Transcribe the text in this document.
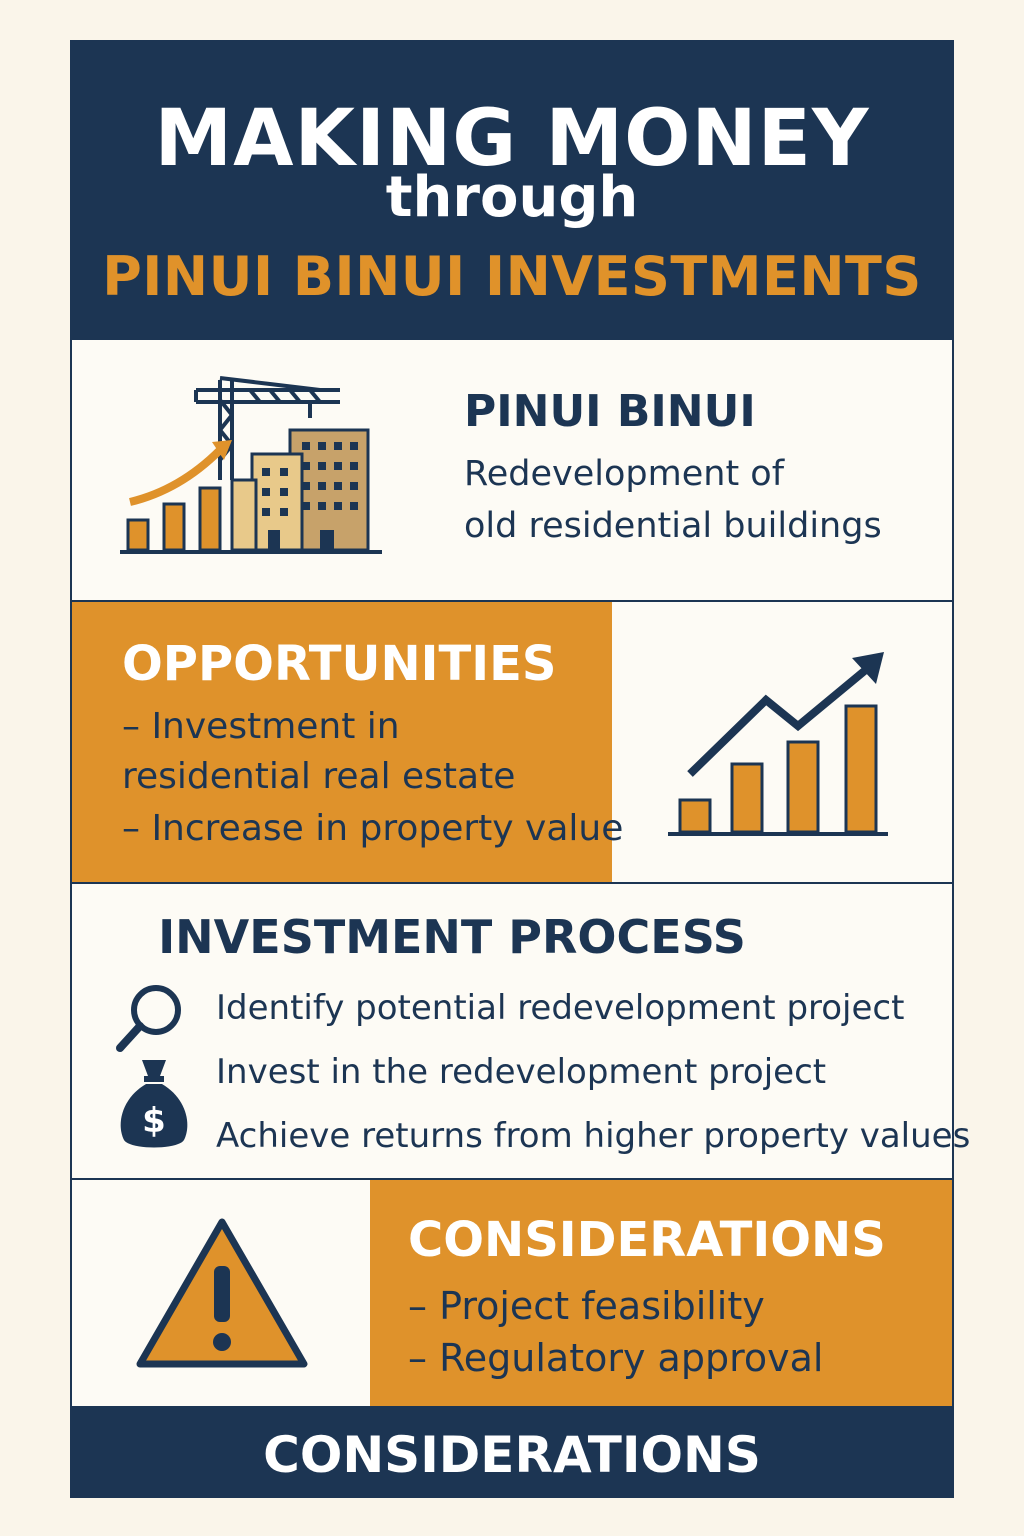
MAKING MONEY
through
PINUI BINUI INVESTMENTS
PINUI BINUI
Redevelopment of
old residential buildings
OPPORTUNITIES
– Investment in
residential real estate
– Increase in property value
INVESTMENT PROCESS
$
Identify potential redevelopment project
Invest in the redevelopment project
Achieve returns from higher property values
CONSIDERATIONS
– Project feasibility
– Regulatory approval
CONSIDERATIONS
